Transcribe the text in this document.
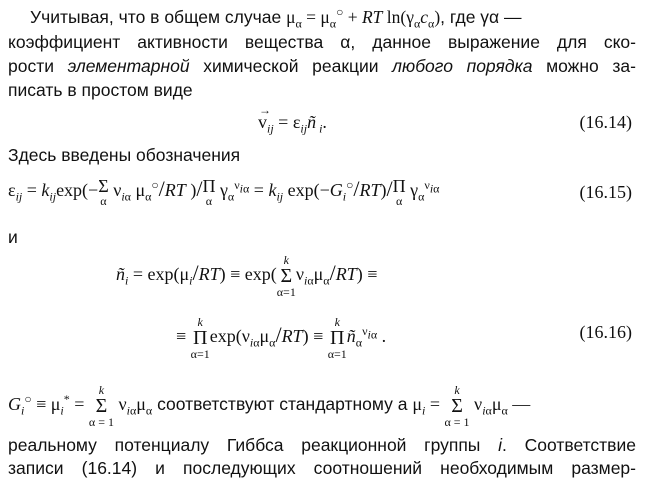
Учитывая, что в общем случае $\mu_\alpha = \mu_\alpha^○$ + RT $\ln(\gamma_\alpha c_\alpha)$, где γα —
коэффициент активности вещества α, данное выражение для ско-
рости элементарной химической реакции любого порядка можно за-
писать в простом виде
v
→
$_{ij} = \varepsilon_{ij}ñ$ $_i$.	(16.14)
Здесь введены обозначения
$\varepsilon_{ij} = k_{ij}\exp(- \Sigma$
α
$\nu_{i\alpha}$ $\mu_\alpha^○/RT$ )/ Π
α
$\gamma_\alpha^{\nu_{i\alpha}} = k_{ij}$ $\exp(-G_i^○/RT)/$ Π
α
$\gamma_\alpha^{\nu_{i\alpha}}$	(16.15)
и
$ñ_i = \exp(\mu_i/RT) \equiv \exp$(
k
Σ
α=1
$\nu_{i\alpha}\mu_\alpha/RT$) ≡
≡
k
Π
α=1
$\exp(\nu_{i\alpha}\mu_\alpha/RT)$ ≡
k
Π
α=1
$ñ_\alpha^{\nu_{i\alpha}}$ .	(16.16)
$G_i^○ \equiv \mu_i^*$ =
k
Σ
α = 1
$\nu_{i\alpha}\mu_\alpha$ соответствуют стандартному а $\mu_i$ =
k
Σ
α = 1
$\nu_{i\alpha}\mu_\alpha$ —
реальному потенциалу Гиббса реакционной группы i. Соответствие
записи (16.14) и последующих соотношений необходимым размер-
